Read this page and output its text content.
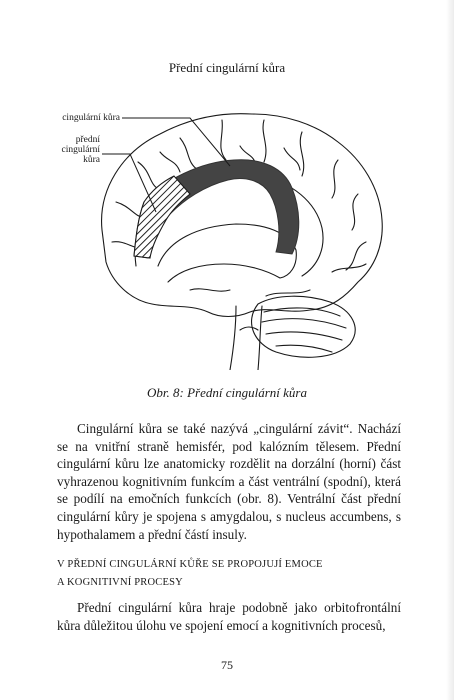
Přední cingulární kůra
cingulární kůra
přední
cingulární
kůra
Obr. 8: Přední cingulární kůra

Cingulární kůra se také nazývá „cingulární závit“. Nachází se na vnitřní straně hemisfér, pod kalózním tělesem. Přední cingulární kůru lze anatomicky rozdělit na dorzální (horní) část vyhrazenou kognitivním funkcím a část ventrální (spodní), která se podílí na emočních funkcích (obr. 8). Ventrální část přední cingulární kůry je spojena s amygdalou, s nucleus accumbens, s hypothalamem a přední částí insuly.

V PŘEDNÍ CINGULÁRNÍ KŮŘE SE PROPOJUJÍ EMOCE
A KOGNITIVNÍ PROCESY

Přední cingulární kůra hraje podobně jako orbitofrontální kůra důležitou úlohu ve spojení emocí a kognitivních procesů,

75
